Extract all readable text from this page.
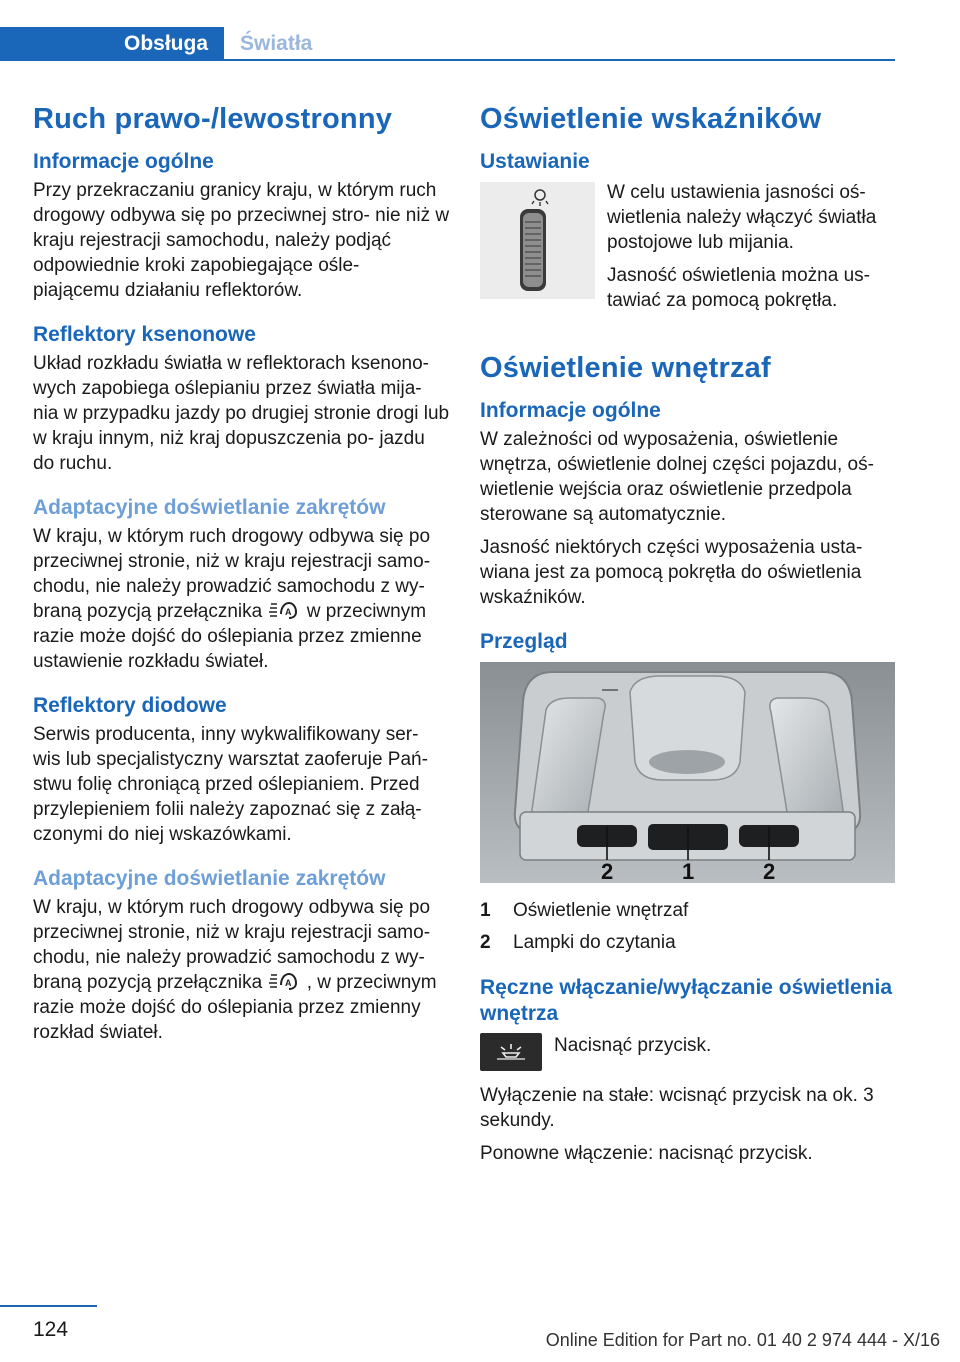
Obsługa	Światła
Ruch prawo-/lewostronny
Informacje ogólne

Przy przekraczaniu granicy kraju, w którym ruch drogowy odbywa się po przeciwnej stro‐ nie niż w kraju rejestracji samochodu, należy podjąć odpowiednie kroki zapobiegające ośle‐ piającemu działaniu reflektorów.

Reflektory ksenonowe

Układ rozkładu światła w reflektorach ksenono‐ wych zapobiega oślepianiu przez światła mija‐ nia w przypadku jazdy po drugiej stronie drogi lub w kraju innym, niż kraj dopuszczenia po‐ jazdu do ruchu.

Adaptacyjne doświetlanie zakrętów

W kraju, w którym ruch drogowy odbywa się po przeciwnej stronie, niż w kraju rejestracji samo‐ chodu, nie należy prowadzić samochodu z wy‐ braną pozycją przełącznika	A w przeciwnym razie może dojść do oślepiania przez zmienne ustawienie rozkładu świateł.

Reflektory diodowe

Serwis producenta, inny wykwalifikowany ser‐ wis lub specjalistyczny warsztat zaoferuje Pań‐ stwu folię chroniącą przed oślepianiem. Przed przylepieniem folii należy zapoznać się z załą‐ czonymi do niej wskazówkami.

Adaptacyjne doświetlanie zakrętów

W kraju, w którym ruch drogowy odbywa się po przeciwnej stronie, niż w kraju rejestracji samo‐ chodu, nie należy prowadzić samochodu z wy‐ braną pozycją przełącznika	A , w przeciwnym razie może dojść do oślepiania przez zmienny rozkład świateł.

Oświetlenie wskaźników
Ustawianie

W celu ustawienia jasności oś‐ wietlenia należy włączyć światła postojowe lub mijania.

Jasność oświetlenia można us‐ tawiać za pomocą pokrętła.

Oświetlenie wnętrzaf
Informacje ogólne

W zależności od wyposażenia, oświetlenie wnętrza, oświetlenie dolnej części pojazdu, oś‐ wietlenie wejścia oraz oświetlenie przedpola sterowane są automatycznie.

Jasność niektórych części wyposażenia usta‐ wiana jest za pomocą pokrętła do oświetlenia wskaźników.

Przegląd
2	1	2
1	Oświetlenie wnętrzaf
2	Lampki do czytania
Ręczne włączanie/wyłączanie oświetlenia wnętrza

Nacisnąć przycisk.

Wyłączenie na stałe: wcisnąć przycisk na ok. 3 sekundy.

Ponowne włączenie: nacisnąć przycisk.

124	Online Edition for Part no. 01 40 2 974 444 - X/16
